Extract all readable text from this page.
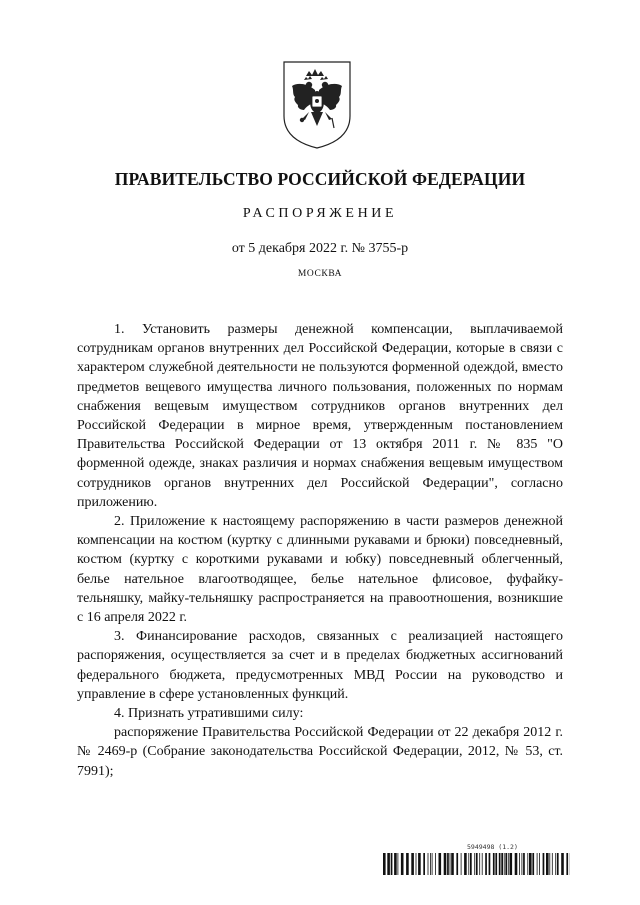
ПРАВИТЕЛЬСТВО РОССИЙСКОЙ ФЕДЕРАЦИИ
РАСПОРЯЖЕНИЕ
от 5 декабря 2022 г. № 3755-р
МОСКВА

1. Установить размеры денежной компенсации, выплачиваемой сотрудникам органов внутренних дел Российской Федерации, которые в связи с характером служебной деятельности не пользуются форменной одеждой, вместо предметов вещевого имущества личного пользования, положенных по нормам снабжения вещевым имуществом сотрудников органов внутренних дел Российской Федерации в мирное время, утвержденным постановлением Правительства Российской Федерации от 13 октября 2011 г. № 835 "О форменной одежде, знаках различия и нормах снабжения вещевым имуществом сотрудников органов внутренних дел Российской Федерации", согласно приложению.

2. Приложение к настоящему распоряжению в части размеров денежной компенсации на костюм (куртку с длинными рукавами и брюки) повседневный, костюм (куртку с короткими рукавами и юбку) повседневный облегченный, белье нательное влагоотводящее, белье нательное флисовое, фуфайку-тельняшку, майку-тельняшку распространяется на правоотношения, возникшие с 16 апреля 2022 г.

3. Финансирование расходов, связанных с реализацией настоящего распоряжения, осуществляется за счет и в пределах бюджетных ассигнований федерального бюджета, предусмотренных МВД России на руководство и управление в сфере установленных функций.

4. Признать утратившими силу:

распоряжение Правительства Российской Федерации от 22 декабря 2012 г. № 2469-р (Собрание законодательства Российской Федерации, 2012, № 53, ст. 7991);

5949498 (1.2)
